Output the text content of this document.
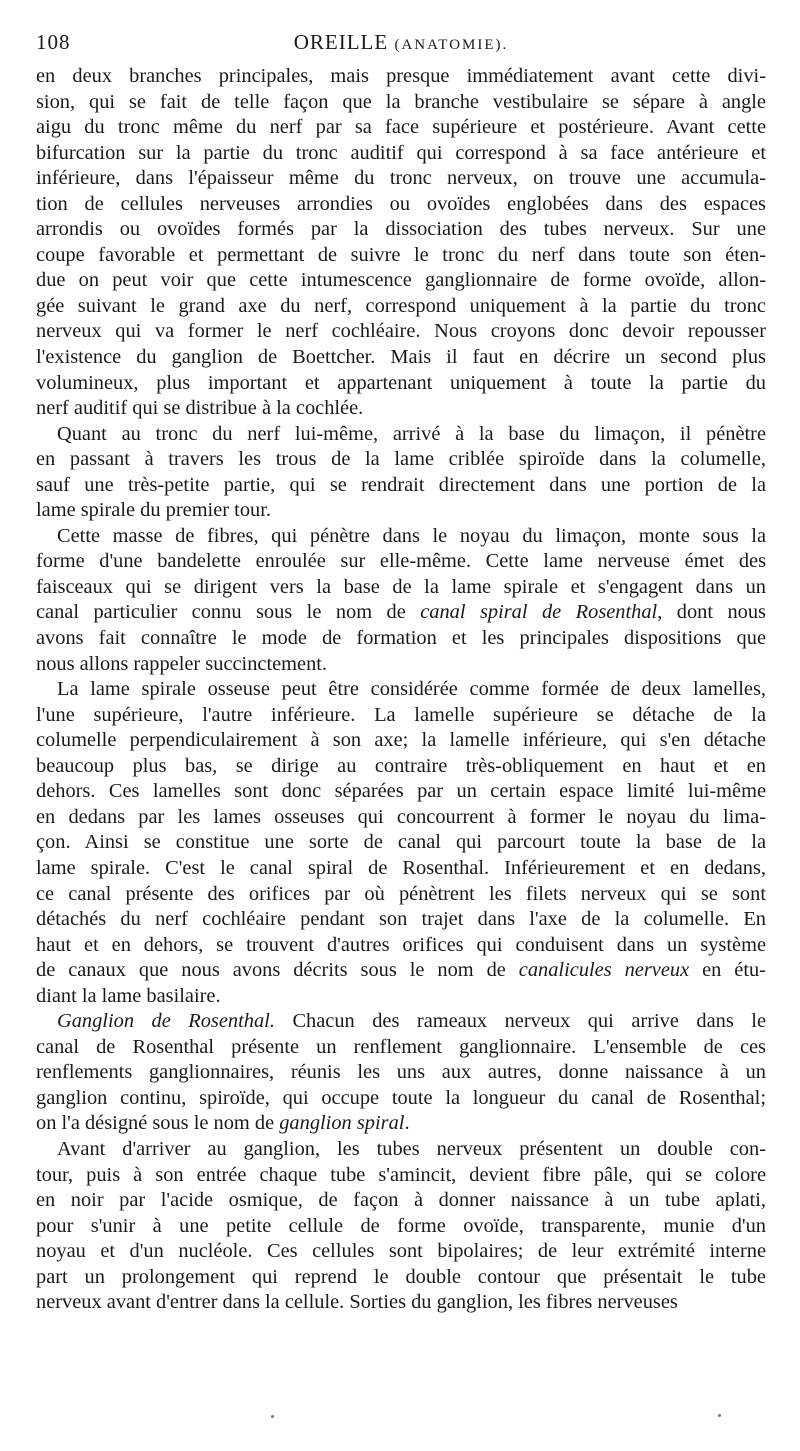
108	OREILLE (ANATOMIE).
en deux branches principales, mais presque immédiatement avant cette divi-
sion, qui se fait de telle façon que la branche vestibulaire se sépare à angle
aigu du tronc même du nerf par sa face supérieure et postérieure. Avant cette
bifurcation sur la partie du tronc auditif qui correspond à sa face antérieure et
inférieure, dans l'épaisseur même du tronc nerveux, on trouve une accumula-
tion de cellules nerveuses arrondies ou ovoïdes englobées dans des espaces
arrondis ou ovoïdes formés par la dissociation des tubes nerveux. Sur une
coupe favorable et permettant de suivre le tronc du nerf dans toute son éten-
due on peut voir que cette intumescence ganglionnaire de forme ovoïde, allon-
gée suivant le grand axe du nerf, correspond uniquement à la partie du tronc
nerveux qui va former le nerf cochléaire. Nous croyons donc devoir repousser
l'existence du ganglion de Boettcher. Mais il faut en décrire un second plus
volumineux, plus important et appartenant uniquement à toute la partie du
nerf auditif qui se distribue à la cochlée.
Quant au tronc du nerf lui-même, arrivé à la base du limaçon, il pénètre
en passant à travers les trous de la lame criblée spiroïde dans la columelle,
sauf une très-petite partie, qui se rendrait directement dans une portion de la
lame spirale du premier tour.
Cette masse de fibres, qui pénètre dans le noyau du limaçon, monte sous la
forme d'une bandelette enroulée sur elle-même. Cette lame nerveuse émet des
faisceaux qui se dirigent vers la base de la lame spirale et s'engagent dans un
canal particulier connu sous le nom de canal spiral de Rosenthal, dont nous
avons fait connaître le mode de formation et les principales dispositions que
nous allons rappeler succinctement.
La lame spirale osseuse peut être considérée comme formée de deux lamelles,
l'une supérieure, l'autre inférieure. La lamelle supérieure se détache de la
columelle perpendiculairement à son axe; la lamelle inférieure, qui s'en détache
beaucoup plus bas, se dirige au contraire très-obliquement en haut et en
dehors. Ces lamelles sont donc séparées par un certain espace limité lui-même
en dedans par les lames osseuses qui concourrent à former le noyau du lima-
çon. Ainsi se constitue une sorte de canal qui parcourt toute la base de la
lame spirale. C'est le canal spiral de Rosenthal. Inférieurement et en dedans,
ce canal présente des orifices par où pénètrent les filets nerveux qui se sont
détachés du nerf cochléaire pendant son trajet dans l'axe de la columelle. En
haut et en dehors, se trouvent d'autres orifices qui conduisent dans un système
de canaux que nous avons décrits sous le nom de canalicules nerveux en étu-
diant la lame basilaire.
Ganglion de Rosenthal. Chacun des rameaux nerveux qui arrive dans le
canal de Rosenthal présente un renflement ganglionnaire. L'ensemble de ces
renflements ganglionnaires, réunis les uns aux autres, donne naissance à un
ganglion continu, spiroïde, qui occupe toute la longueur du canal de Rosenthal;
on l'a désigné sous le nom de ganglion spiral.
Avant d'arriver au ganglion, les tubes nerveux présentent un double con-
tour, puis à son entrée chaque tube s'amincit, devient fibre pâle, qui se colore
en noir par l'acide osmique, de façon à donner naissance à un tube aplati,
pour s'unir à une petite cellule de forme ovoïde, transparente, munie d'un
noyau et d'un nucléole. Ces cellules sont bipolaires; de leur extrémité interne
part un prolongement qui reprend le double contour que présentait le tube
nerveux avant d'entrer dans la cellule. Sorties du ganglion, les fibres nerveuses
